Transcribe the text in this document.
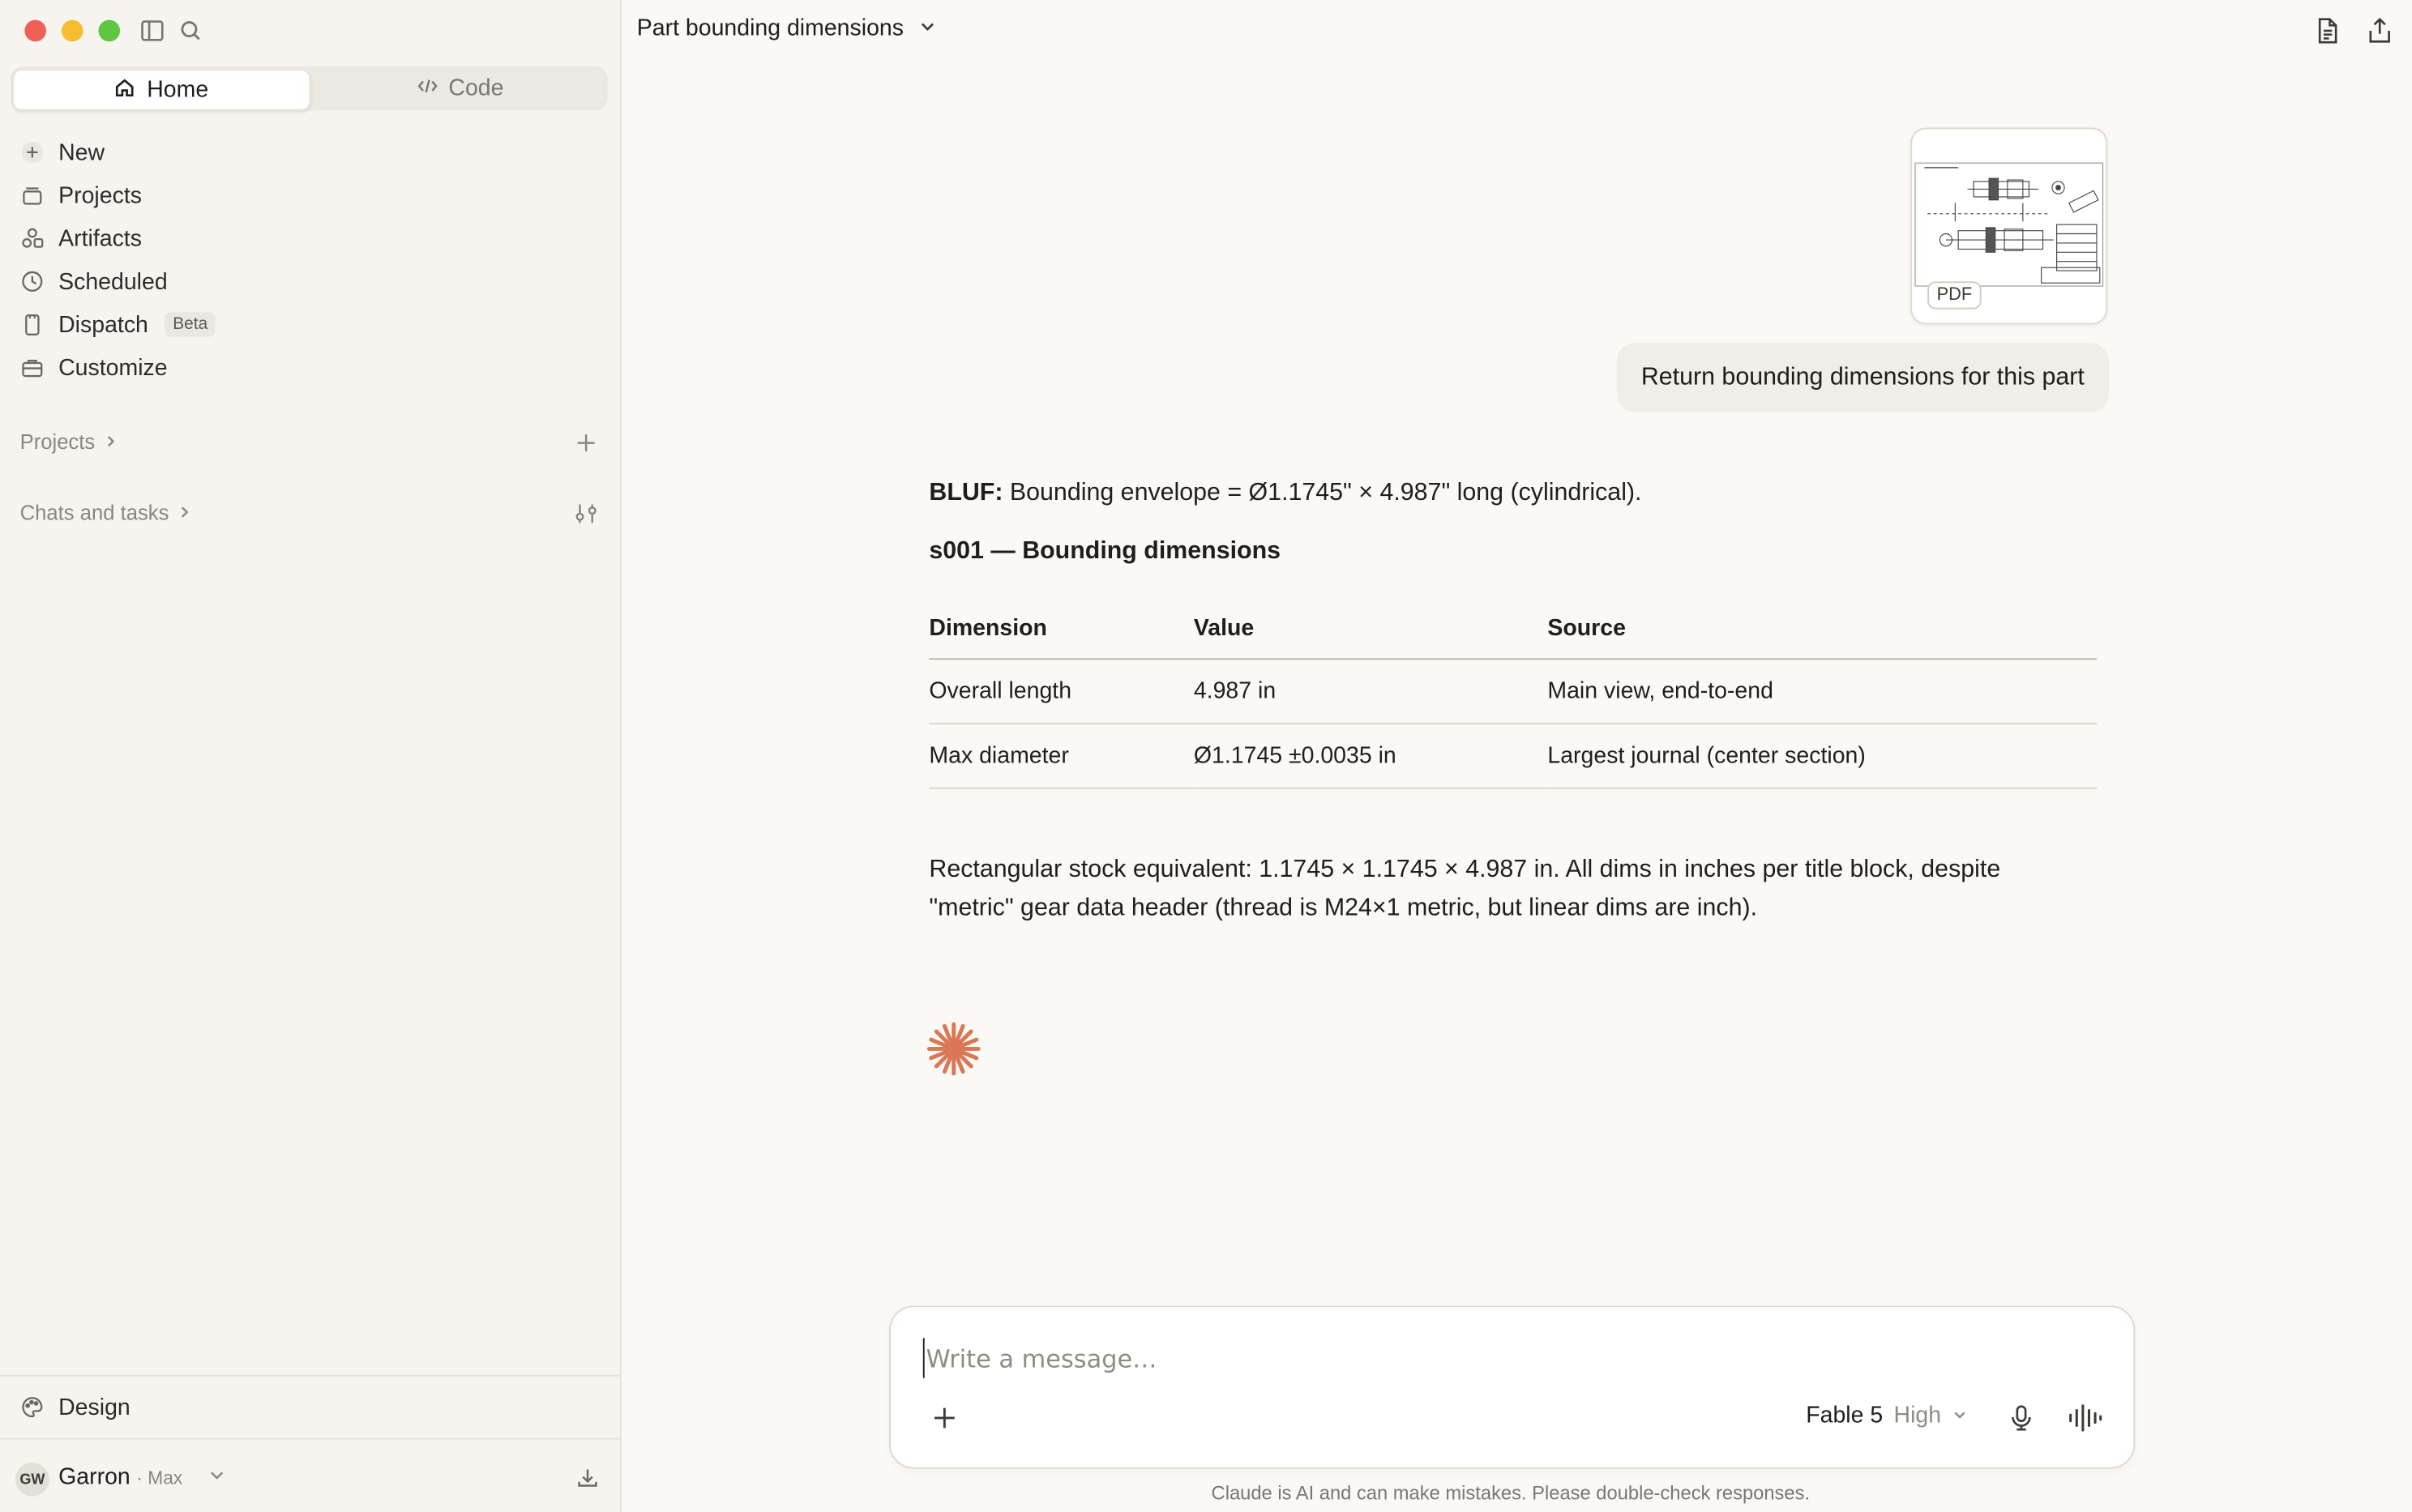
Home	Code
New
Projects
Artifacts
Scheduled
Dispatch	Beta
Customize
Projects
Chats and tasks
Design
GW	Garron · Max
Part bounding dimensions
PDF
Return bounding dimensions for this part
BLUF: Bounding envelope = Ø1.1745" × 4.987" long (cylindrical).
s001 — Bounding dimensions
Dimension	Value	Source
Overall length	4.987 in	Main view, end-to-end
Max diameter	Ø1.1745 ±0.0035 in	Largest journal (center section)
Rectangular stock equivalent: 1.1745 × 1.1745 × 4.987 in. All dims in inches per title block, despite "metric" gear data header (thread is M24×1 metric, but linear dims are inch).
Write a message…
Fable 5 High
Claude is AI and can make mistakes. Please double-check responses.
